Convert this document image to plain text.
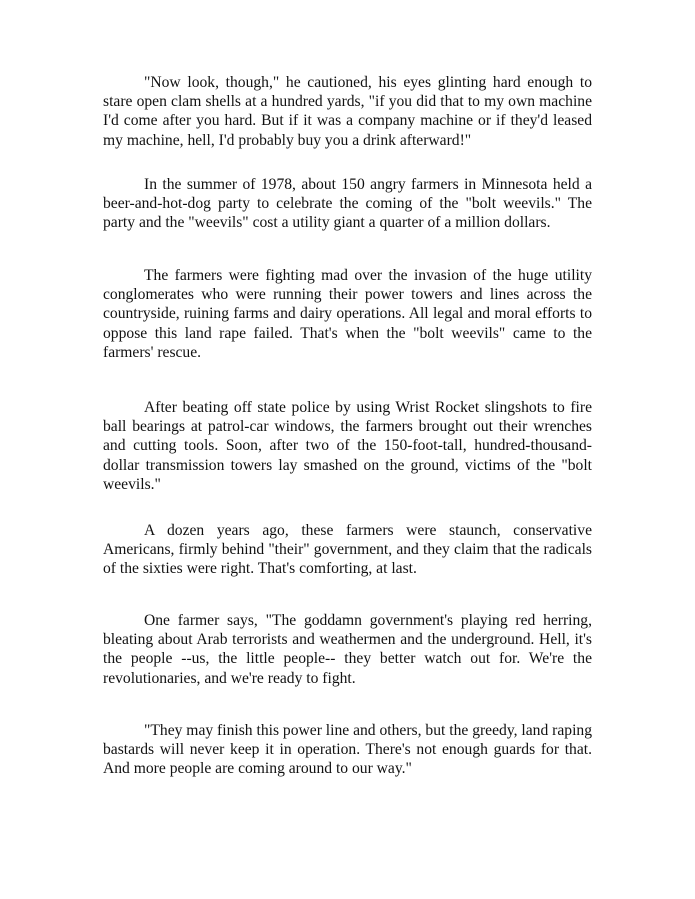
"Now look, though," he cautioned, his eyes glinting hard enough to stare open clam shells at a hundred yards, "if you did that to my own machine I'd come after you hard. But if it was a company machine or if they'd leased my machine, hell, I'd probably buy you a drink afterward!"

In the summer of 1978, about 150 angry farmers in Minnesota held a beer-and-hot-dog party to celebrate the coming of the "bolt weevils." The party and the "weevils" cost a utility giant a quarter of a million dollars.

The farmers were fighting mad over the invasion of the huge utility conglomerates who were running their power towers and lines across the countryside, ruining farms and dairy operations. All legal and moral efforts to oppose this land rape failed. That's when the "bolt weevils" came to the farmers' rescue.

After beating off state police by using Wrist Rocket slingshots to fire ball bearings at patrol-car windows, the farmers brought out their wrenches and cutting tools. Soon, after two of the 150-foot-tall, hundred-thousand-dollar transmission towers lay smashed on the ground, victims of the "bolt weevils."

A dozen years ago, these farmers were staunch, conservative Americans, firmly behind "their" government, and they claim that the radicals of the sixties were right. That's comforting, at last.

One farmer says, "The goddamn government's playing red herring, bleating about Arab terrorists and weathermen and the underground. Hell, it's the people --us, the little people-- they better watch out for. We're the revolutionaries, and we're ready to fight.

"They may finish this power line and others, but the greedy, land raping bastards will never keep it in operation. There's not enough guards for that. And more people are coming around to our way."
